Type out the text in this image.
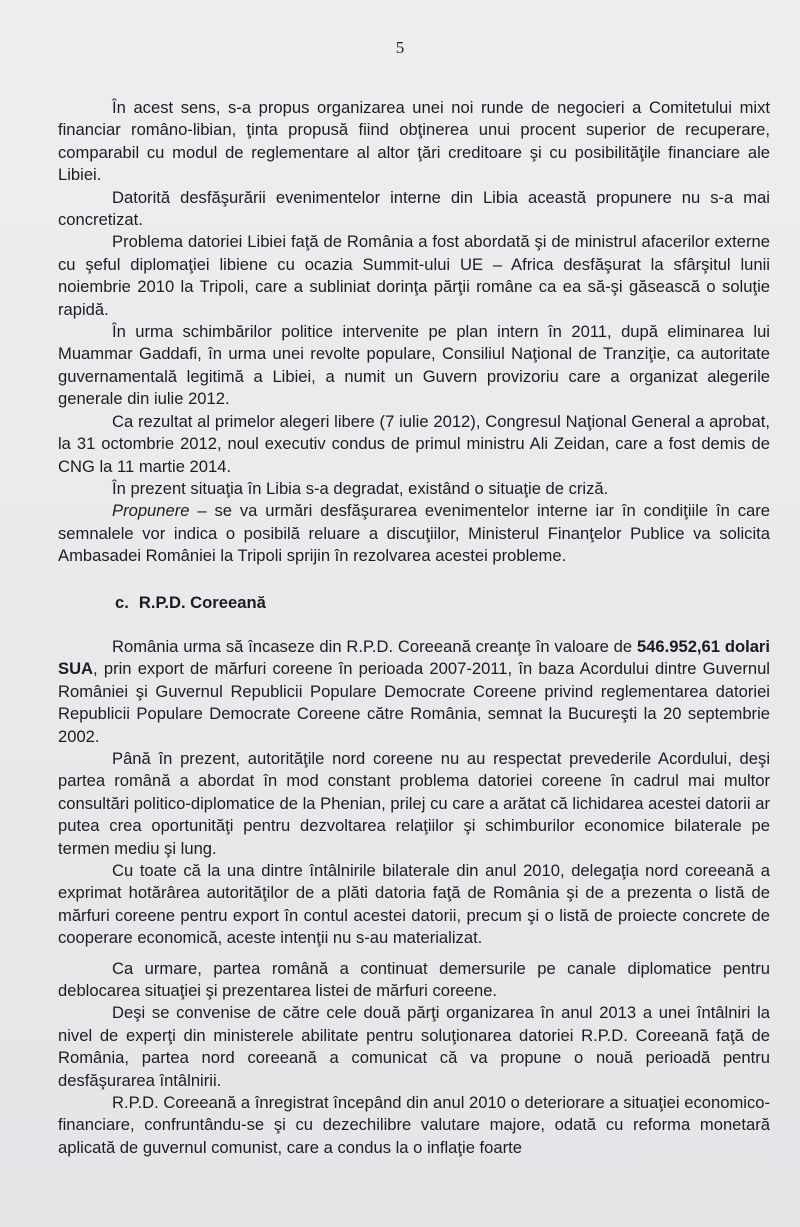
5

În acest sens, s-a propus organizarea unei noi runde de negocieri a Comitetului mixt financiar româno-libian, ţinta propusă fiind obţinerea unui procent superior de recuperare, comparabil cu modul de reglementare al altor ţări creditoare şi cu posibilităţile financiare ale Libiei.

Datorită desfăşurării evenimentelor interne din Libia această propunere nu s-a mai concretizat.

Problema datoriei Libiei faţă de România a fost abordată şi de ministrul afacerilor externe cu şeful diplomaţiei libiene cu ocazia Summit-ului UE – Africa desfăşurat la sfârşitul lunii noiembrie 2010 la Tripoli, care a subliniat dorinţa părţii române ca ea să-şi găsească o soluţie rapidă.

În urma schimbărilor politice intervenite pe plan intern în 2011, după eliminarea lui Muammar Gaddafi, în urma unei revolte populare, Consiliul Naţional de Tranziţie, ca autoritate guvernamentală legitimă a Libiei, a numit un Guvern provizoriu care a organizat alegerile generale din iulie 2012.

Ca rezultat al primelor alegeri libere (7 iulie 2012), Congresul Naţional General a aprobat, la 31 octombrie 2012, noul executiv condus de primul ministru Ali Zeidan, care a fost demis de CNG la 11 martie 2014.

În prezent situaţia în Libia s-a degradat, existând o situaţie de criză.

Propunere – se va urmări desfăşurarea evenimentelor interne iar în condiţiile în care semnalele vor indica o posibilă reluare a discuţiilor, Ministerul Finanţelor Publice va solicita Ambasadei României la Tripoli sprijin în rezolvarea acestei probleme.

c. R.P.D. Coreeană

România urma să încaseze din R.P.D. Coreeană creanţe în valoare de 546.952,61 dolari SUA, prin export de mărfuri coreene în perioada 2007-2011, în baza Acordului dintre Guvernul României şi Guvernul Republicii Populare Democrate Coreene privind reglementarea datoriei Republicii Populare Democrate Coreene către România, semnat la Bucureşti la 20 septembrie 2002.

Până în prezent, autorităţile nord coreene nu au respectat prevederile Acordului, deşi partea română a abordat în mod constant problema datoriei coreene în cadrul mai multor consultări politico-diplomatice de la Phenian, prilej cu care a arătat că lichidarea acestei datorii ar putea crea oportunităţi pentru dezvoltarea relaţiilor şi schimburilor economice bilaterale pe termen mediu şi lung.

Cu toate că la una dintre întâlnirile bilaterale din anul 2010, delegaţia nord coreeană a exprimat hotărârea autorităţilor de a plăti datoria faţă de România şi de a prezenta o listă de mărfuri coreene pentru export în contul acestei datorii, precum şi o listă de proiecte concrete de cooperare economică, aceste intenţii nu s-au materializat.

Ca urmare, partea română a continuat demersurile pe canale diplomatice pentru deblocarea situaţiei şi prezentarea listei de mărfuri coreene.

Deşi se convenise de către cele două părţi organizarea în anul 2013 a unei întâlniri la nivel de experţi din ministerele abilitate pentru soluţionarea datoriei R.P.D. Coreeană faţă de România, partea nord coreeană a comunicat că va propune o nouă perioadă pentru desfăşurarea întâlnirii.

R.P.D. Coreeană a înregistrat începând din anul 2010 o deteriorare a situaţiei economico-financiare, confruntându-se şi cu dezechilibre valutare majore, odată cu reforma monetară aplicată de guvernul comunist, care a condus la o inflaţie foarte
